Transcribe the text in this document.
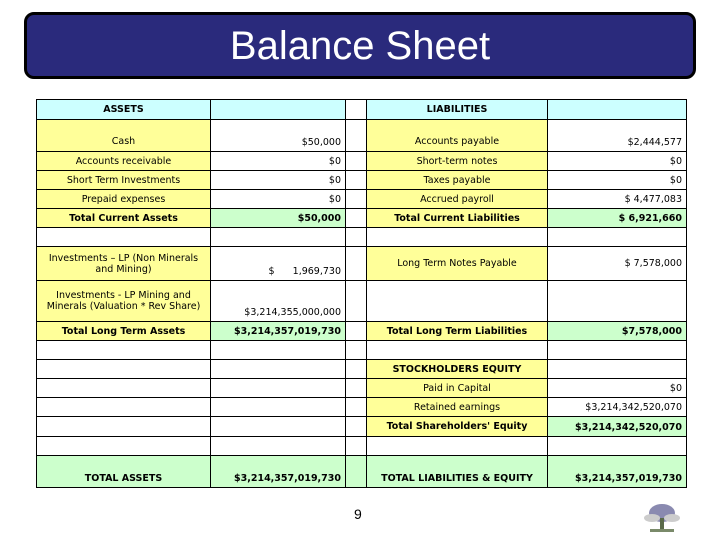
Balance Sheet
ASSETS			LIABILITIES	
Cash	$50,000		Accounts payable	$2,444,577
Accounts receivable	$0		Short-term notes	$0
Short Term Investments	$0		Taxes payable	$0
Prepaid expenses	$0		Accrued payroll	$ 4,477,083
Total Current Assets	$50,000		Total Current Liabilities	$ 6,921,660

Investments – LP (Non Minerals and Mining)	$      1,969,730		Long Term Notes Payable	$ 7,578,000
Investments - LP Mining and Minerals (Valuation * Rev Share)	$3,214,355,000,000			
Total Long Term Assets	$3,214,357,019,730		Total Long Term Liabilities	$7,578,000

			STOCKHOLDERS EQUITY	
			Paid in Capital	$0
			Retained earnings	$3,214,342,520,070
			Total Shareholders' Equity	$3,214,342,520,070

TOTAL ASSETS	$3,214,357,019,730		TOTAL LIABILITIES & EQUITY	$3,214,357,019,730
9
